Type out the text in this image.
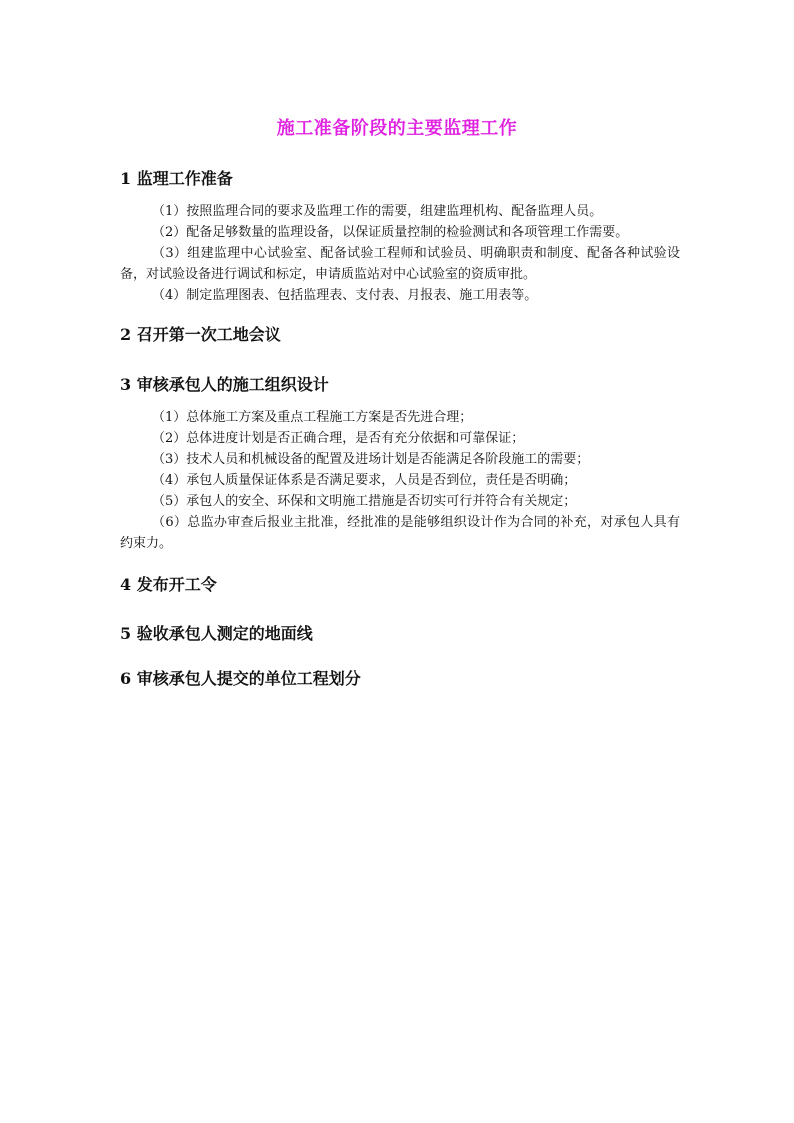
施工准备阶段的主要监理工作
1 监理工作准备
（1）按照监理合同的要求及监理工作的需要，组建监理机构、配备监理人员。
（2）配备足够数量的监理设备，以保证质量控制的检验测试和各项管理工作需要。
（3）组建监理中心试验室、配备试验工程师和试验员、明确职责和制度、配备各种试验设备，对试验设备进行调试和标定，申请质监站对中心试验室的资质审批。
（4）制定监理图表、包括监理表、支付表、月报表、施工用表等。
2 召开第一次工地会议
3 审核承包人的施工组织设计
（1）总体施工方案及重点工程施工方案是否先进合理；
（2）总体进度计划是否正确合理，是否有充分依据和可靠保证；
（3）技术人员和机械设备的配置及进场计划是否能满足各阶段施工的需要；
（4）承包人质量保证体系是否满足要求，人员是否到位，责任是否明确；
（5）承包人的安全、环保和文明施工措施是否切实可行并符合有关规定；
（6）总监办审查后报业主批准，经批准的是能够组织设计作为合同的补充，对承包人具有约束力。
4 发布开工令
5 验收承包人测定的地面线
6 审核承包人提交的单位工程划分
